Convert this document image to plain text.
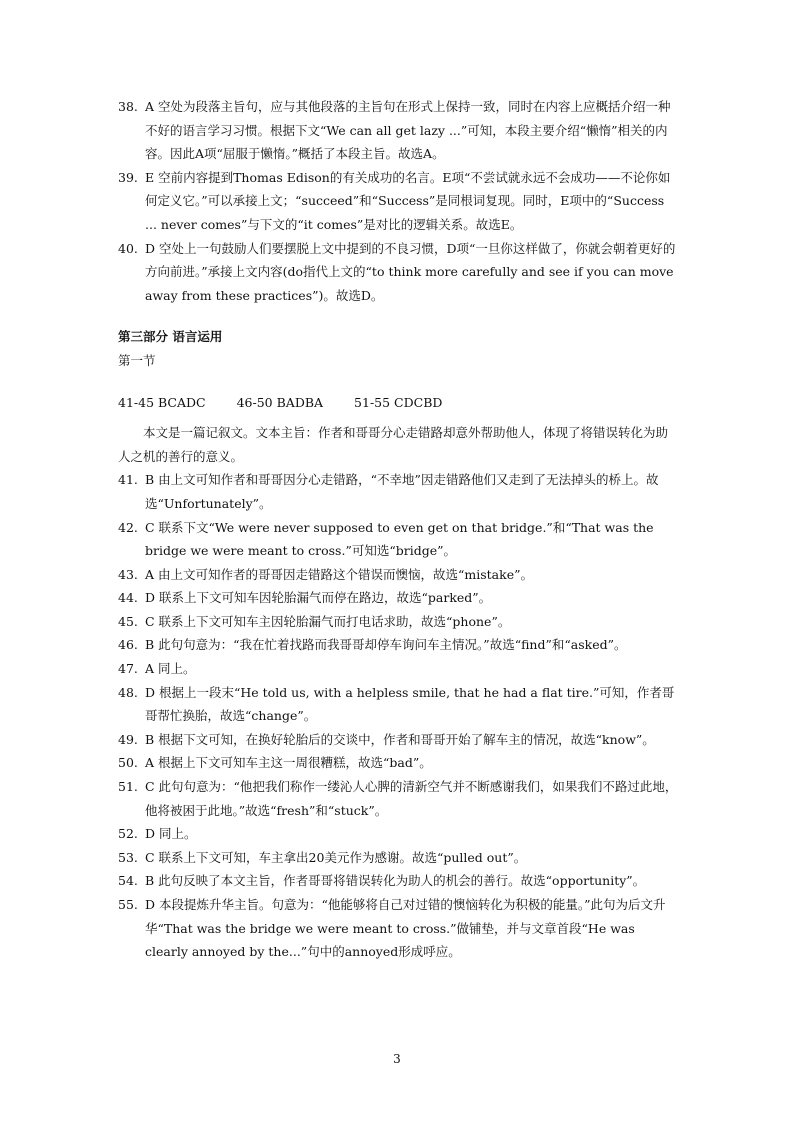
38. A 空处为段落主旨句，应与其他段落的主旨句在形式上保持一致，同时在内容上应概括介绍一种不好的语言学习习惯。根据下文“We can all get lazy ...”可知，本段主要介绍“懒惰”相关的内容。因此A项“屈服于懒惰。”概括了本段主旨。故选A。
39. E 空前内容提到Thomas Edison的有关成功的名言。E项“不尝试就永远不会成功——不论你如何定义它。”可以承接上文；“succeed”和“Success”是同根词复现。同时，E项中的“Success ... never comes”与下文的“it comes”是对比的逻辑关系。故选E。
40. D 空处上一句鼓励人们要摆脱上文中提到的不良习惯，D项“一旦你这样做了，你就会朝着更好的方向前进。”承接上文内容(do指代上文的“to think more carefully and see if you can move away from these practices”)。故选D。
第三部分 语言运用
第一节
41-45 BCADC 46-50 BADBA 51-55 CDCBD
本文是一篇记叙文。文本主旨：作者和哥哥分心走错路却意外帮助他人，体现了将错误转化为助人之机的善行的意义。
41. B 由上文可知作者和哥哥因分心走错路，“不幸地”因走错路他们又走到了无法掉头的桥上。故选“Unfortunately”。
42. C 联系下文“We were never supposed to even get on that bridge.”和“That was the bridge we were meant to cross.”可知选“bridge”。
43. A 由上文可知作者的哥哥因走错路这个错误而懊恼，故选“mistake”。
44. D 联系上下文可知车因轮胎漏气而停在路边，故选“parked”。
45. C 联系上下文可知车主因轮胎漏气而打电话求助，故选“phone”。
46. B 此句句意为：“我在忙着找路而我哥哥却停车询问车主情况。”故选“find”和“asked”。
47. A 同上。
48. D 根据上一段末“He told us, with a helpless smile, that he had a flat tire.”可知，作者哥哥帮忙换胎，故选“change”。
49. B 根据下文可知，在换好轮胎后的交谈中，作者和哥哥开始了解车主的情况，故选“know”。
50. A 根据上下文可知车主这一周很糟糕，故选“bad”。
51. C 此句句意为：“他把我们称作一缕沁人心脾的清新空气并不断感谢我们，如果我们不路过此地，他将被困于此地。”故选“fresh”和“stuck”。
52. D 同上。
53. C 联系上下文可知，车主拿出20美元作为感谢。故选“pulled out”。
54. B 此句反映了本文主旨，作者哥哥将错误转化为助人的机会的善行。故选“opportunity”。
55. D 本段提炼升华主旨。句意为：“他能够将自己对过错的懊恼转化为积极的能量。”此句为后文升华“That was the bridge we were meant to cross.”做铺垫，并与文章首段“He was clearly annoyed by the...”句中的annoyed形成呼应。
3
